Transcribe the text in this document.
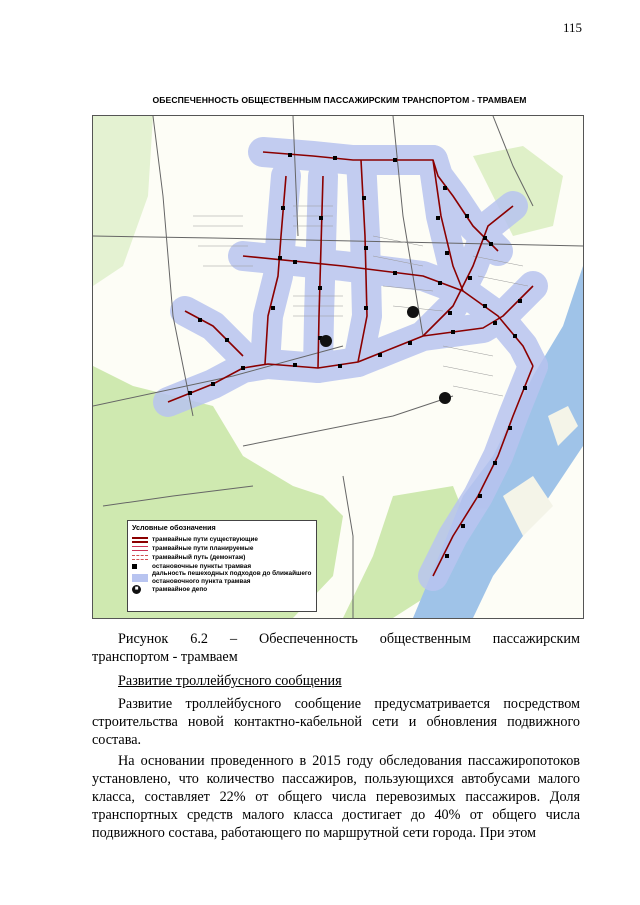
115
ОБЕСПЕЧЕННОСТЬ ОБЩЕСТВЕННЫМ ПАССАЖИРСКИМ ТРАНСПОРТОМ - ТРАМВАЕМ
Условные обозначения
трамвайные пути существующие
трамвайные пути планируемые
трамвайный путь (демонтаж)
остановочные пункты трамвая
дальность пешеходных подходов до ближайшего остановочного пункта трамвая
■	трамвайное депо
Рисунок 6.2 – Обеспеченность общественным пассажирским
транспортом - трамваем
Развитие троллейбусного сообщения
Развитие троллейбусного сообщение предусматривается посредством строительства новой контактно-кабельной сети и обновления подвижного состава.
На основании проведенного в 2015 году обследования пассажиропотоков установлено, что количество пассажиров, пользующихся автобусами малого класса, составляет 22% от общего числа перевозимых пассажиров. Доля транспортных средств малого класса достигает до 40% от общего числа подвижного состава, работающего по маршрутной сети города. При этом
